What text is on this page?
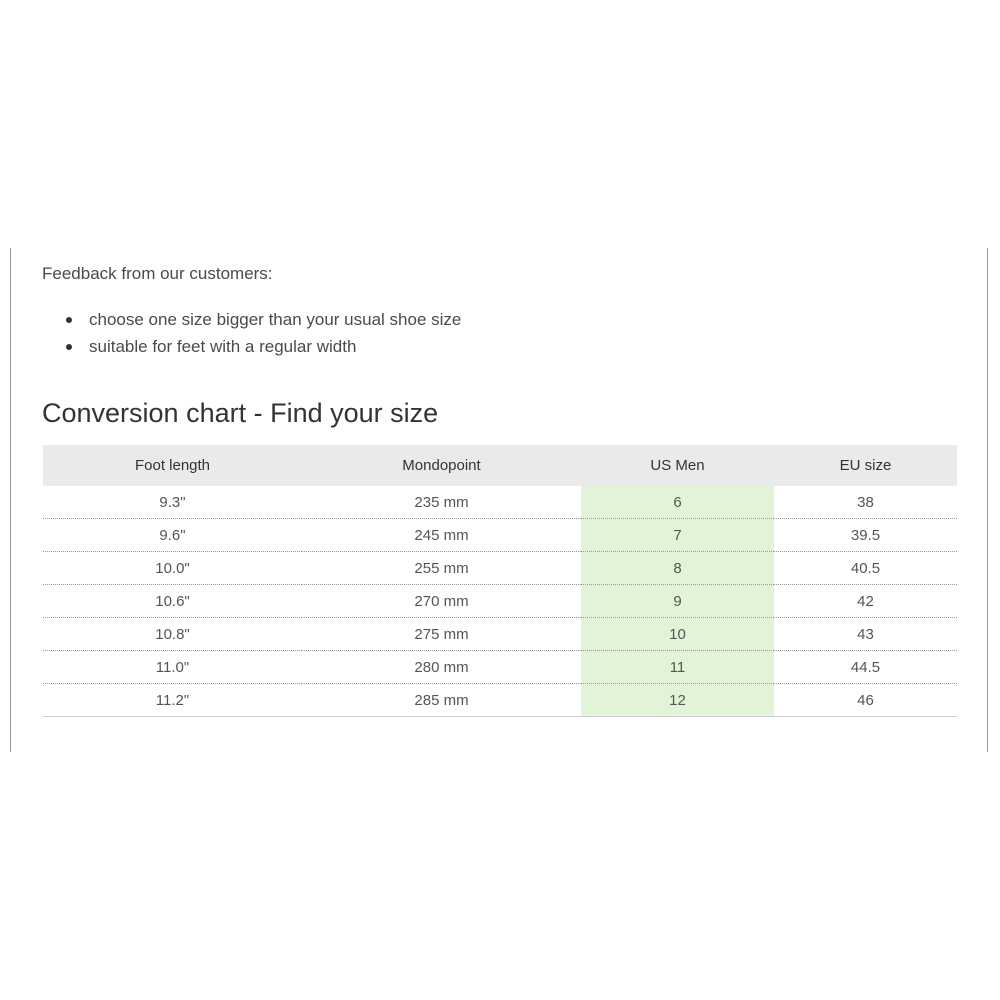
Feedback from our customers:

choose one size bigger than your usual shoe size
suitable for feet with a regular width
Conversion chart - Find your size
Foot length	Mondopoint	US Men	EU size
9.3"	235 mm	6	38
9.6"	245 mm	7	39.5
10.0"	255 mm	8	40.5
10.6"	270 mm	9	42
10.8"	275 mm	10	43
11.0"	280 mm	11	44.5
11.2"	285 mm	12	46
